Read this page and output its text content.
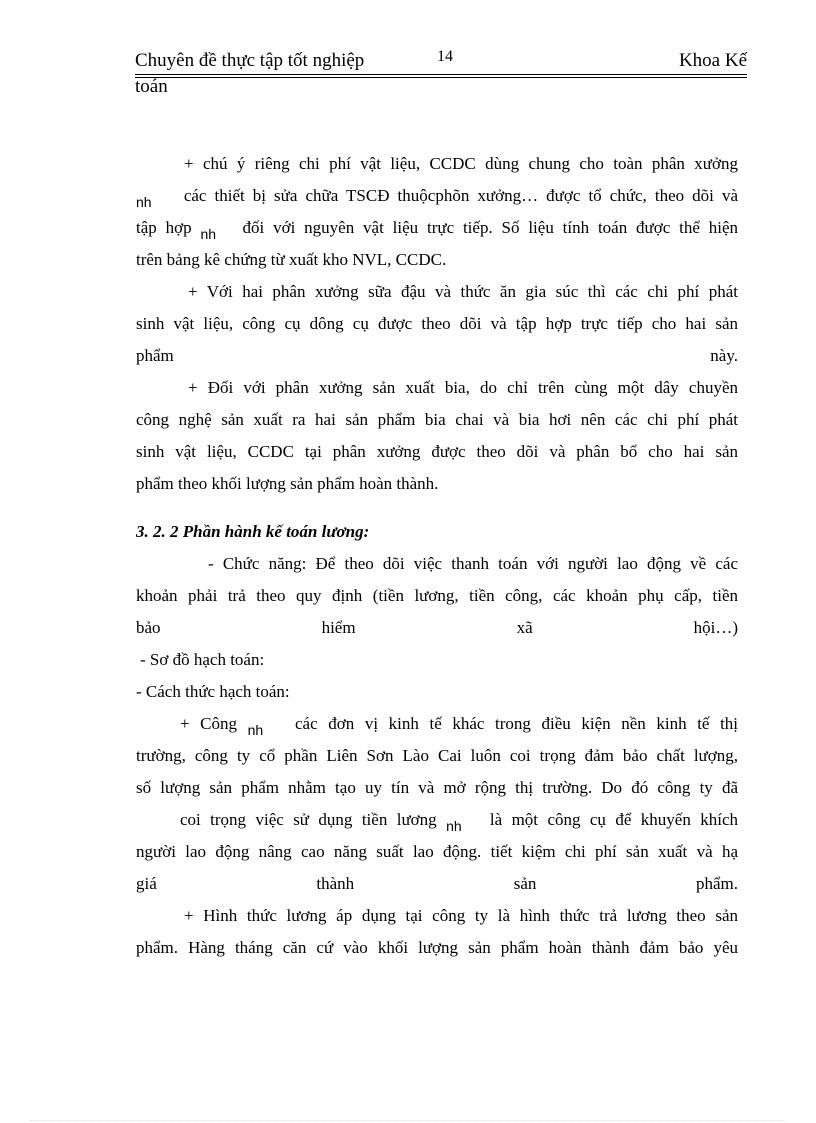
Chuyên đề thực tập tốt nghiệp	14	Khoa Kế
toán

+ chú ý riêng chi phí vật liệu, CCDC dùng chung cho toàn phân xưởng

$_{nh}$ các thiết bị sửa chữa TSCĐ thuộcphõn xưởng… được tổ chức, theo dõi và

tập hợp $_{nh}$ đối với nguyên vật liệu trực tiếp. Số liệu tính toán được thể hiện

trên bảng kê chứng từ xuất kho NVL, CCDC.

+ Với hai phân xưởng sữa đậu và thức ăn gia súc thì các chi phí phát

sinh vật liệu, công cụ dông cụ được theo dõi và tập hợp trực tiếp cho hai sản

phẩm	này.

+ Đối với phân xưởng sản xuất bia, do chỉ trên cùng một dây chuyền

công nghệ sản xuất ra hai sản phẩm bia chai và bia hơi nên các chi phí phát

sinh vật liệu, CCDC tại phân xưởng được theo dõi và phân bổ cho hai sản

phẩm theo khối lượng sản phẩm hoàn thành.

3. 2. 2 Phần hành kế toán lương:

- Chức năng: Để theo dõi việc thanh toán với người lao động về các

khoản phải trả theo quy định (tiền lương, tiền công, các khoản phụ cấp, tiền

bảo	hiểm	xã	hội…)

- Sơ đồ hạch toán:

- Cách thức hạch toán:

+ Công $_{nh}$ các đơn vị kinh tế khác trong điều kiện nền kinh tế thị

trường, công ty cổ phần Liên Sơn Lào Cai luôn coi trọng đảm bảo chất lượng,

số lượng sản phẩm nhằm tạo uy tín và mở rộng thị trường. Do đó công ty đã

coi trọng việc sử dụng tiền lương $_{nh}$ là một công cụ để khuyến khích

người lao động nâng cao năng suất lao động. tiết kiệm chi phí sản xuất và hạ

giá	thành	sản	phẩm.

+ Hình thức lương áp dụng tại công ty là hình thức trả lương theo sản

phẩm. Hàng tháng căn cứ vào khối lượng sản phẩm hoàn thành đảm bảo yêu
